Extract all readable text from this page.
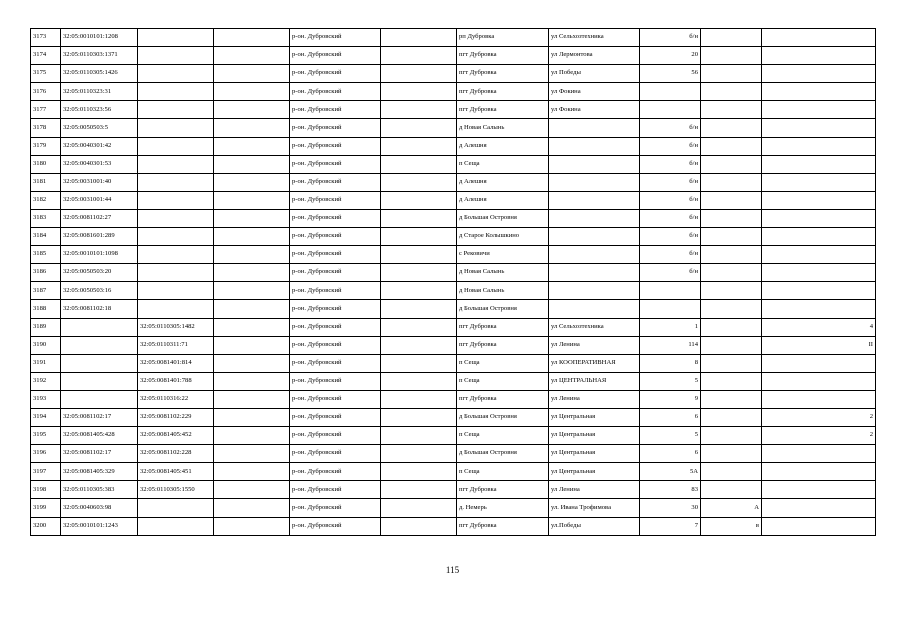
3173	32:05:0010101:1208			р-он. Дубровский		рп Дубровка	ул Сельхозтехника	б/н		
3174	32:05:0110303:1371			р-он. Дубровский		пгт Дубровка	ул Лермонтова	20		
3175	32:05:0110305:1426			р-он. Дубровский		пгт Дубровка	ул Победы	56		
3176	32:05:0110323:31			р-он. Дубровский		пгт Дубровка	ул Фокина			
3177	32:05:0110323:56			р-он. Дубровский		пгт Дубровка	ул Фокина			
3178	32:05:0050503:5			р-он. Дубровский		д Новая Салынь		б/н		
3179	32:05:0040301:42			р-он. Дубровский		д Алешня		б/н		
3180	32:05:0040301:53			р-он. Дубровский		п Сеща		б/н		
3181	32:05:0031001:40			р-он. Дубровский		д Алешня		б/н		
3182	32:05:0031001:44			р-он. Дубровский		д Алешня		б/н		
3183	32:05:0081102:27			р-он. Дубровский		д Большая Островня		б/н		
3184	32:05:0081601:289			р-он. Дубровский		д Старое Колышкино		б/н		
3185	32:05:0010101:1098			р-он. Дубровский		с Рековичи		б/н		
3186	32:05:0050503:20			р-он. Дубровский		д Новая Салынь		б/н		
3187	32:05:0050503:16			р-он. Дубровский		д Новая Салынь				
3188	32:05:0081102:18			р-он. Дубровский		д Большая Островня				
3189		32:05:0110305:1482		р-он. Дубровский		пгт Дубровка	ул Сельхозтехника	1		4
3190		32:05:0110311:71		р-он. Дубровский		пгт Дубровка	ул Ленина	114		II
3191		32:05:0081401:814		р-он. Дубровский		п Сеща	ул КООПЕРАТИВНАЯ	8		
3192		32:05:0081401:788		р-он. Дубровский		п Сеща	ул ЦЕНТРАЛЬНАЯ	5		
3193		32:05:0110316:22		р-он. Дубровский		пгт Дубровка	ул Ленина	9		
3194	32:05:0081102:17	32:05:0081102:229		р-он. Дубровский		д Большая Островня	ул Центральная	6		2
3195	32:05:0081405:428	32:05:0081405:452		р-он. Дубровский		п Сеща	ул Центральная	5		2
3196	32:05:0081102:17	32:05:0081102:228		р-он. Дубровский		д Большая Островня	ул Центральная	6		
3197	32:05:0081405:329	32:05:0081405:451		р-он. Дубровский		п Сеща	ул Центральная	5А		
3198	32:05:0110305:383	32:05:0110305:1550		р-он. Дубровский		пгт Дубровка	ул Ленина	83		
3199	32:05:0040603:98			р-он. Дубровский		д. Немерь	ул. Ивана Трофимова	30	А	
3200	32:05:0010101:1243			р-он. Дубровский		пгт Дубровка	ул.Победы	7	в	
115
